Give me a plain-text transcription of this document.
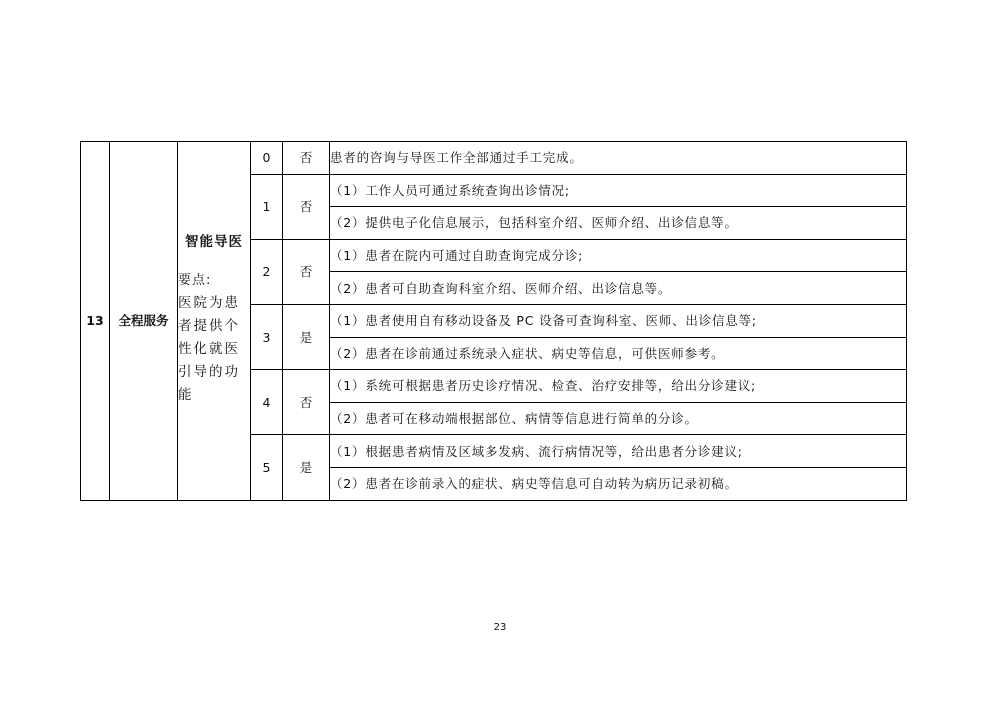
13	全程服务	智能导医
要点:
医院为患者提供个性化就医引导的功能	0	否	患者的咨询与导医工作全部通过手工完成。
			1	否	（1）工作人员可通过系统查询出诊情况;
					（2）提供电子化信息展示，包括科室介绍、医师介绍、出诊信息等。
			2	否	（1）患者在院内可通过自助查询完成分诊;
					（2）患者可自助查询科室介绍、医师介绍、出诊信息等。
			3	是	（1）患者使用自有移动设备及 PC 设备可查询科室、医师、出诊信息等;
					（2）患者在诊前通过系统录入症状、病史等信息，可供医师参考。
			4	否	（1）系统可根据患者历史诊疗情况、检查、治疗安排等，给出分诊建议;
					（2）患者可在移动端根据部位、病情等信息进行简单的分诊。
			5	是	（1）根据患者病情及区域多发病、流行病情况等，给出患者分诊建议;
					（2）患者在诊前录入的症状、病史等信息可自动转为病历记录初稿。
23
